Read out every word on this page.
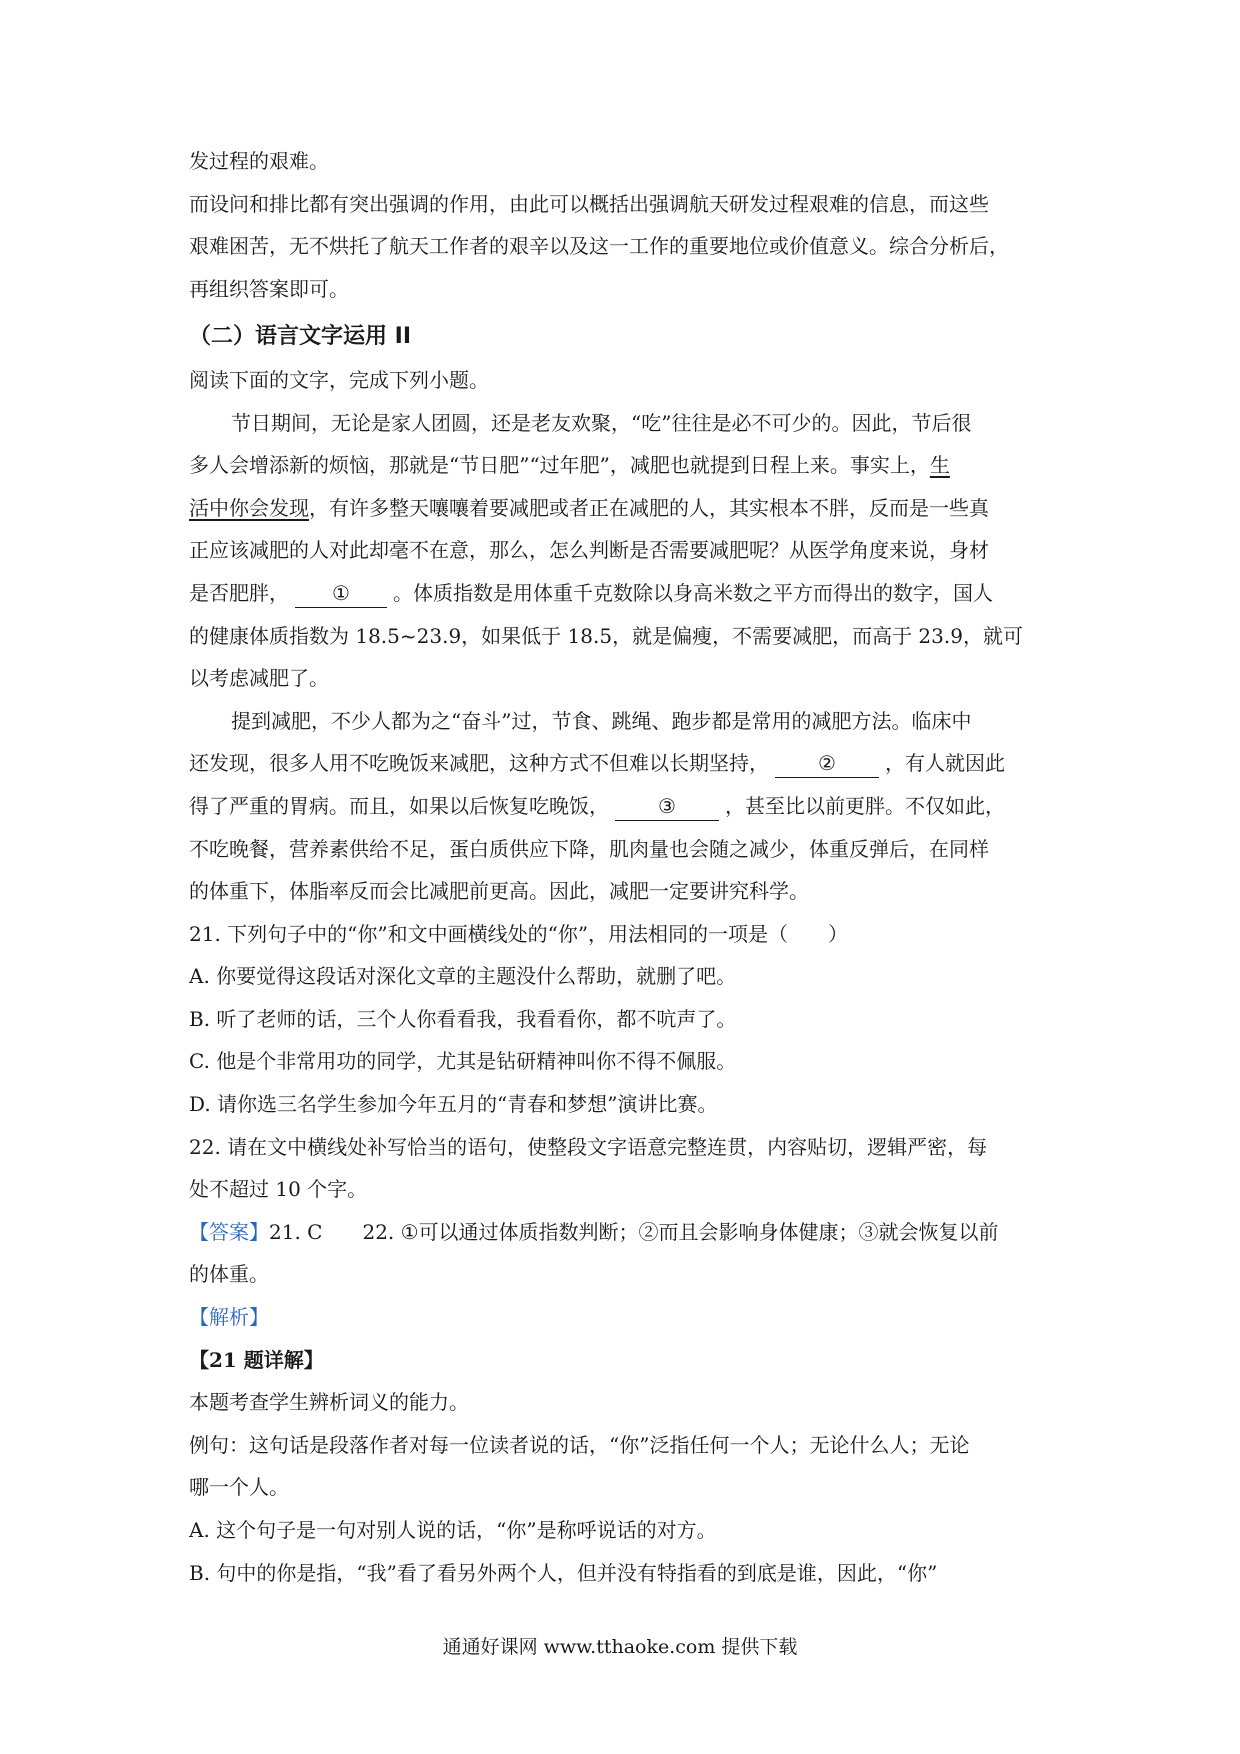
发过程的艰难。
而设问和排比都有突出强调的作用，由此可以概括出强调航天研发过程艰难的信息，而这些
艰难困苦，无不烘托了航天工作者的艰辛以及这一工作的重要地位或价值意义。综合分析后，
再组织答案即可。
（二）语言文字运用 II
阅读下面的文字，完成下列小题。
节日期间，无论是家人团圆，还是老友欢聚，“吃”往往是必不可少的。因此，节后很
多人会增添新的烦恼，那就是“节日肥”“过年肥”，减肥也就提到日程上来。事实上，生
活中你会发现，有许多整天嚷嚷着要减肥或者正在减肥的人，其实根本不胖，反而是一些真
正应该减肥的人对此却毫不在意，那么，怎么判断是否需要减肥呢？从医学角度来说，身材
是否肥胖， ① 。体质指数是用体重千克数除以身高米数之平方而得出的数字，国人
的健康体质指数为 18.5~23.9，如果低于 18.5，就是偏瘦，不需要减肥，而高于 23.9，就可
以考虑减肥了。
提到减肥，不少人都为之“奋斗”过，节食、跳绳、跑步都是常用的减肥方法。临床中
还发现，很多人用不吃晚饭来减肥，这种方式不但难以长期坚持， ② ，有人就因此
得了严重的胃病。而且，如果以后恢复吃晚饭， ③ ，甚至比以前更胖。不仅如此，
不吃晚餐，营养素供给不足，蛋白质供应下降，肌肉量也会随之减少，体重反弹后，在同样
的体重下，体脂率反而会比减肥前更高。因此，减肥一定要讲究科学。
21. 下列句子中的“你”和文中画横线处的“你”，用法相同的一项是（　　）
A. 你要觉得这段话对深化文章的主题没什么帮助，就删了吧。
B. 听了老师的话，三个人你看看我，我看看你，都不吭声了。
C. 他是个非常用功的同学，尤其是钻研精神叫你不得不佩服。
D. 请你选三名学生参加今年五月的“青春和梦想”演讲比赛。
22. 请在文中横线处补写恰当的语句，使整段文字语意完整连贯，内容贴切，逻辑严密，每
处不超过 10 个字。
【答案】21. C 22. ①可以通过体质指数判断；②而且会影响身体健康；③就会恢复以前
的体重。
【解析】
【21 题详解】
本题考查学生辨析词义的能力。
例句：这句话是段落作者对每一位读者说的话，“你”泛指任何一个人；无论什么人；无论
哪一个人。
A. 这个句子是一句对别人说的话，“你”是称呼说话的对方。
B. 句中的你是指，“我”看了看另外两个人，但并没有特指看的到底是谁，因此，“你”
通通好课网 www.tthaoke.com 提供下载
